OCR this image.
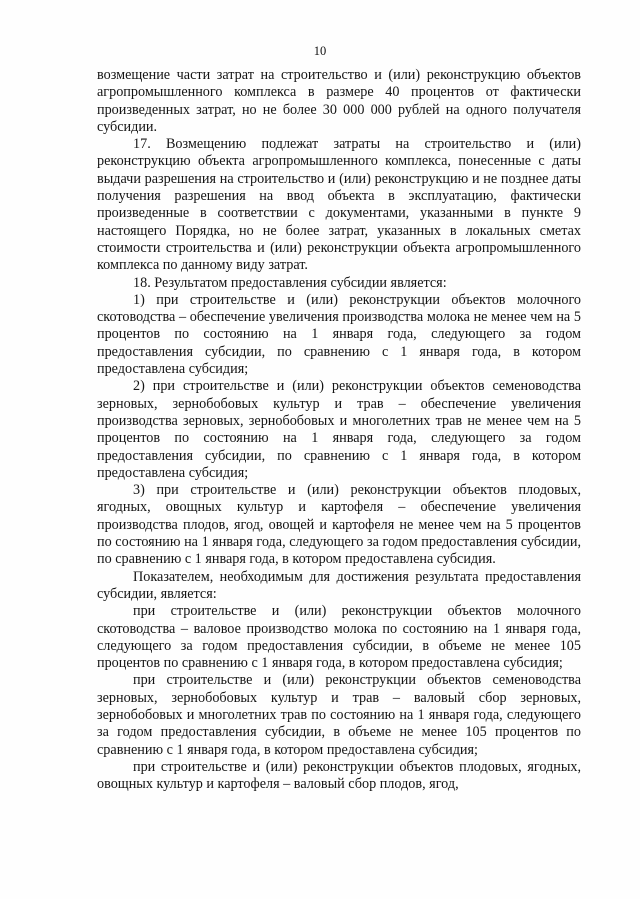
10

возмещение части затрат на строительство и (или) реконструкцию объектов агропромышленного комплекса в размере 40 процентов от фактически произведенных затрат, но не более 30 000 000 рублей на одного получателя субсидии.

17. Возмещению подлежат затраты на строительство и (или) реконструкцию объекта агропромышленного комплекса, понесенные с даты выдачи разрешения на строительство и (или) реконструкцию и не позднее даты получения разрешения на ввод объекта в эксплуатацию, фактически произведенные в соответствии с документами, указанными в пункте 9 настоящего Порядка, но не более затрат, указанных в локальных сметах стоимости строительства и (или) реконструкции объекта агропромышленного комплекса по данному виду затрат.

18. Результатом предоставления субсидии является:

1) при строительстве и (или) реконструкции объектов молочного скотоводства – обеспечение увеличения производства молока не менее чем на 5 процентов по состоянию на 1 января года, следующего за годом предоставления субсидии, по сравнению с 1 января года, в котором предоставлена субсидия;

2) при строительстве и (или) реконструкции объектов семеноводства зерновых, зернобобовых культур и трав – обеспечение увеличения производства зерновых, зернобобовых и многолетних трав не менее чем на 5 процентов по состоянию на 1 января года, следующего за годом предоставления субсидии, по сравнению с 1 января года, в котором предоставлена субсидия;

3) при строительстве и (или) реконструкции объектов плодовых, ягодных, овощных культур и картофеля – обеспечение увеличения производства плодов, ягод, овощей и картофеля не менее чем на 5 процентов по состоянию на 1 января года, следующего за годом предоставления субсидии, по сравнению с 1 января года, в котором предоставлена субсидия.

Показателем, необходимым для достижения результата предоставления субсидии, является:

при строительстве и (или) реконструкции объектов молочного скотоводства – валовое производство молока по состоянию на 1 января года, следующего за годом предоставления субсидии, в объеме не менее 105 процентов по сравнению с 1 января года, в котором предоставлена субсидия;

при строительстве и (или) реконструкции объектов семеноводства зерновых, зернобобовых культур и трав – валовый сбор зерновых, зернобобовых и многолетних трав по состоянию на 1 января года, следующего за годом предоставления субсидии, в объеме не менее 105 процентов по сравнению с 1 января года, в котором предоставлена субсидия;

при строительстве и (или) реконструкции объектов плодовых, ягодных, овощных культур и картофеля – валовый сбор плодов, ягод,
